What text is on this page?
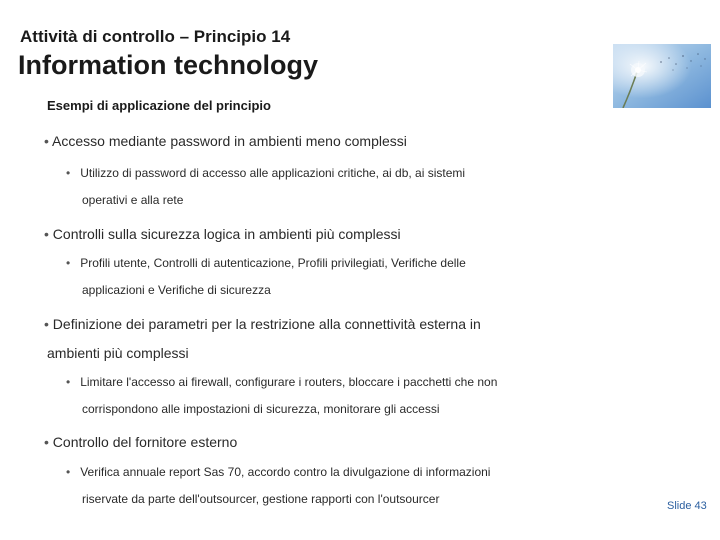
Attività di controllo – Principio 14
Information technology
Esempi di applicazione del principio
• Accesso mediante password in ambienti meno complessi
• Utilizzo di password di accesso alle applicazioni critiche, ai db, ai sistemi
operativi e alla rete
• Controlli sulla sicurezza logica in ambienti più complessi
• Profili utente, Controlli di autenticazione, Profili privilegiati, Verifiche delle
applicazioni e Verifiche di sicurezza
• Definizione dei parametri per la restrizione alla connettività esterna in
ambienti più complessi
• Limitare l'accesso ai firewall, configurare i routers, bloccare i pacchetti che non
corrispondono alle impostazioni di sicurezza, monitorare gli accessi
• Controllo del fornitore esterno
• Verifica annuale report Sas 70, accordo contro la divulgazione di informazioni
riservate da parte dell'outsourcer, gestione rapporti con l'outsourcer	Slide 43
